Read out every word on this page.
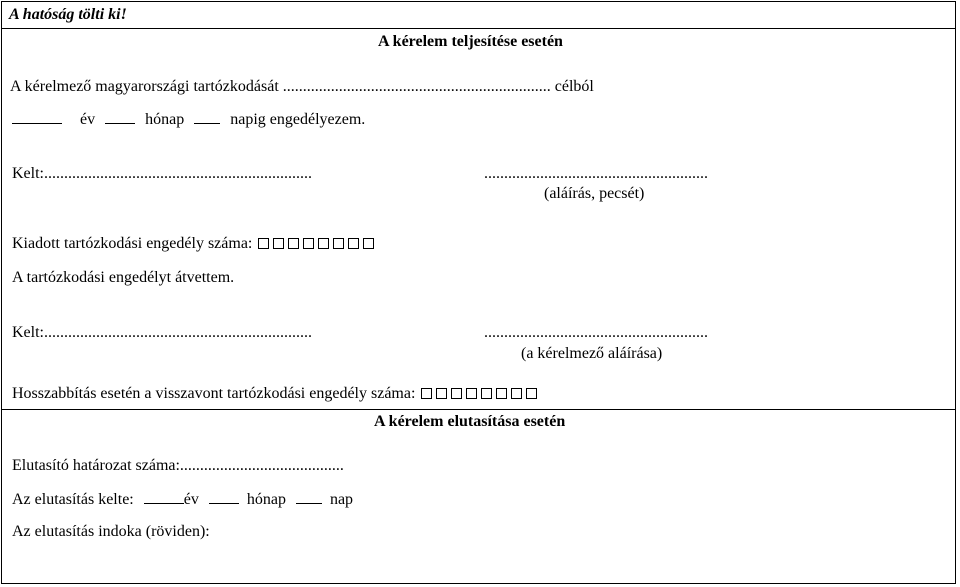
A hatóság tölti ki!
A kérelem teljesítése esetén
A kérelmező magyarországi tartózkodását ................................................................... célból
év	hónap	napig engedélyezem.
Kelt:...................................................................	........................................................
(aláírás, pecsét)
Kiadott tartózkodási engedély száma:
A tartózkodási engedélyt átvettem.
Kelt:...................................................................	........................................................
(a kérelmező aláírása)
Hosszabbítás esetén a visszavont tartózkodási engedély száma:
A kérelem elutasítása esetén
Elutasító határozat száma:.........................................
Az elutasítás kelte:	év	hónap	nap
Az elutasítás indoka (röviden):
